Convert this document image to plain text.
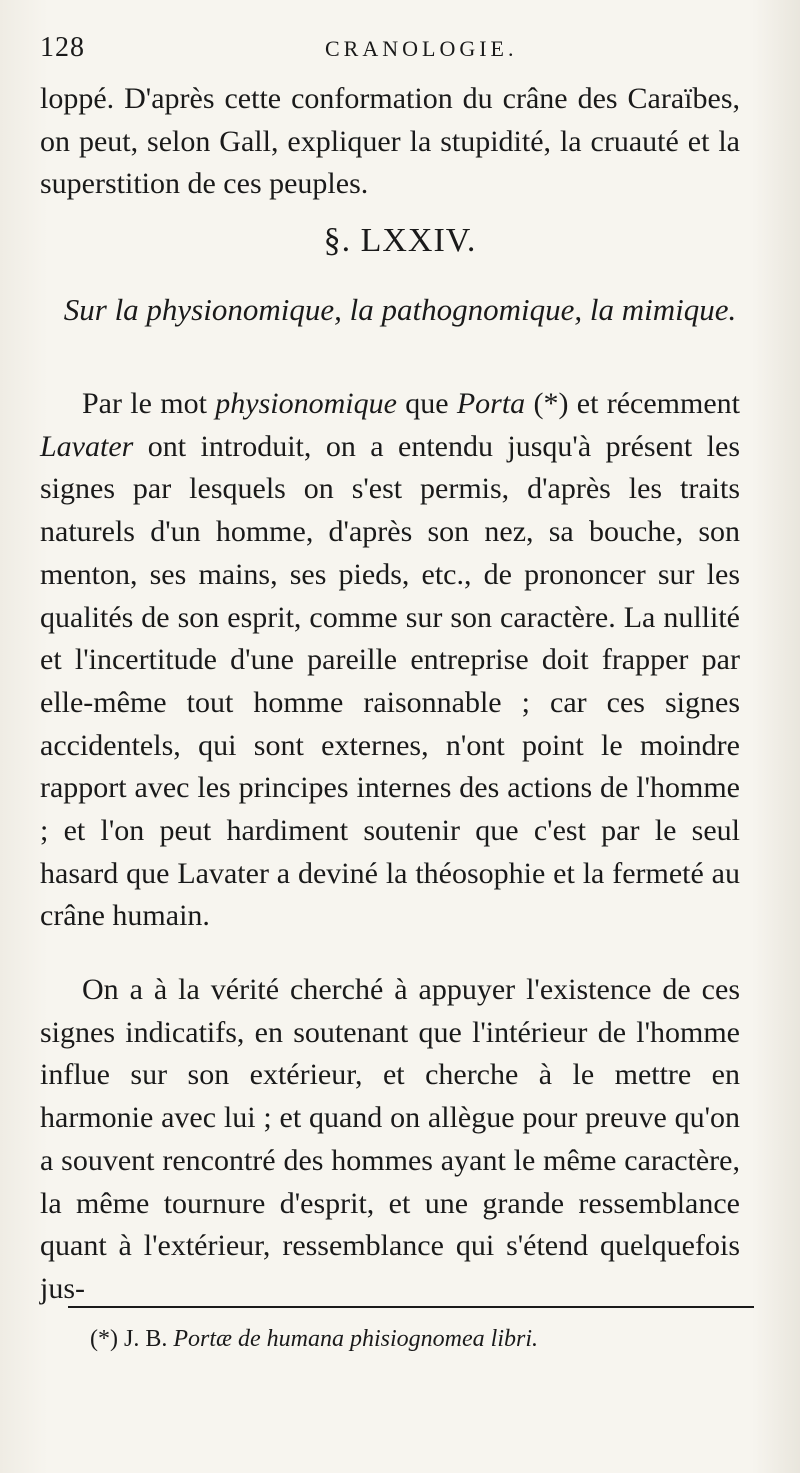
128	CRANOLOGIE.

loppé. D'après cette conformation du crâne des Caraïbes, on peut, selon Gall, expliquer la stupidité, la cruauté et la superstition de ces peuples.

§. LXXIV.
Sur la physionomique, la pathognomique, la mimique.

Par le mot physionomique que Porta (*) et récemment Lavater ont introduit, on a entendu jusqu'à présent les signes par lesquels on s'est permis, d'après les traits naturels d'un homme, d'après son nez, sa bouche, son menton, ses mains, ses pieds, etc., de prononcer sur les qualités de son esprit, comme sur son caractère. La nullité et l'incertitude d'une pareille entreprise doit frapper par elle-même tout homme raisonnable ; car ces signes accidentels, qui sont externes, n'ont point le moindre rapport avec les principes internes des actions de l'homme ; et l'on peut hardiment soutenir que c'est par le seul hasard que Lavater a deviné la théosophie et la fermeté au crâne humain.

On a à la vérité cherché à appuyer l'existence de ces signes indicatifs, en soutenant que l'intérieur de l'homme influe sur son extérieur, et cherche à le mettre en harmonie avec lui ; et quand on allègue pour preuve qu'on a souvent rencontré des hommes ayant le même caractère, la même tournure d'esprit, et une grande ressemblance quant à l'extérieur, ressemblance qui s'étend quelquefois jus-

(*) J. B. Portæ de humana phisiognomea libri.
